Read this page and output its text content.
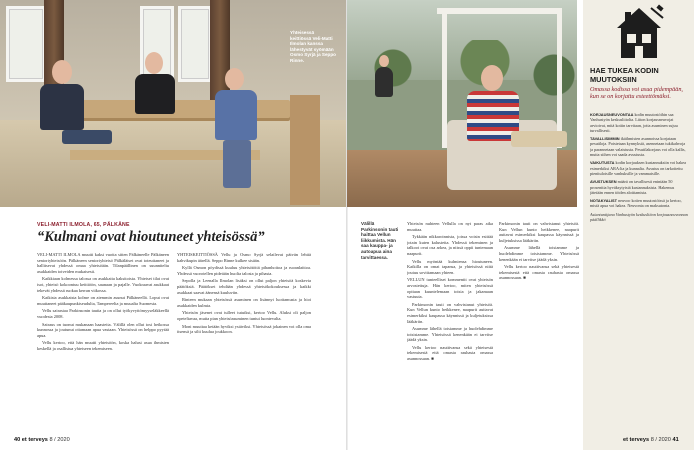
Yhteisessä keittiössä Veli-Matti Ilmolan kanssa lähestyvät syömään Osmo Syrjä ja Seppo Rinne.
VELI-MATTI ILMOLA, 65, PÄLKÄNE
“Kulmani ovat hioutuneet yhteisössä”

VELI-MATTI ILMOLA muutti kaksi vuotta sitten Pälkäneelle Pälkäneen senioriyhteisöön. Pälkäneen senioriyhteisö Pälkäläiset ovat toteuttaneet ja hallitsevat yhdessä omaa yhteisöään. Tilanpäällinen on suunniteltu asukkaiden toiveiden mukaisesti.

Kaikkiaan kolmessa talossa on asukkaita kaksitoista. Yhteiset tilat ovat isot, yhteisö kokoontuu keittiöön, saunaan ja pajalle. Vuokraavat asukkaat tekevät yhdessä ruokaa kerran viikossa.

Kaikista asukkaista kolme on aiemmin asunut Pälkäneellä. Loput ovat muuttaneet pääkaupunkiseudulta, Tampereelta ja muualta Suomesta.

Vellu sairastaa Parkinsonin tautia ja on ollut työkyvyttömyyseläkkeellä vuodesta 2008.

Sairaus on tuonut mukanaan haasteita. Välillä olen ollut tosi heikossa kunnossa ja joutunut ottamaan apua vastaan. Yhteisössä on helppo pyytää apua.

Vellu kertoo, että hän muutti yhteisöön, koska halusi asua ihmisten keskellä ja osallistua yhteiseen tekemiseen.

YHTEISKEITTIÖSSÄ Vellu ja Osmo Syrjä selailevat päivän lehtiä kahvikupin äärellä. Seppo Rinne kulkee sisään.

Kyllä Osmon pöydissä kuuluu yhteisötöitä pihanhoitoa ja ruoanlaittoa. Yhdessä vuorotellen pidetään huolta talosta ja pihasta.

Sepolla ja Leenalla Ilmolan lisäksi on ollut paljon yhteisöä koskevia päätöksiä. Päätökset tehdään yhdessä yhteisökokouksessa ja kaikki asukkaat saavat äänensä kuuluviin.

Rinteen mukaan yhteisössä asuminen on lisännyt luottamusta ja hioi asukkaiden kulmia.

Yhteisön jäsenet ovat tulleet tutuiksi, kertoo Vellu. Aluksi oli paljon opeteltavaa, mutta pian yhteisöasuminen tuntui luontevalta.

Moni muuttaa ketään hyviksi ystäviksi. Yhteisössä jokainen voi olla oma itsensä ja silti kuulua joukkoon.

40 et terveys 8 / 2020
Välillä Parkinsonin tauti haittaa Vellun liikkumista. Hän saa kauppa- ja autoapua aina tarvittaessa.

Yhteisön nuhteen Vellulla on nyt paras aika muuttaa.

Tykkään nikkaroinnista, joissa voisin esittää jotain kuten kalusteita. Yhdessä tekeminen ja talkoot ovat osa arkea, ja niissä oppii tuntemaan naapurit.

Vellu myöntää kulmiensa hioutuneen. Kaikilla on omat tapansa, ja yhteisössä niitä joutuu sovittamaan yhteen.

VELLUN tunteelliset kommentit ovat yhteisön arvostettuja. Hän kertoo, miten yhteisössä opitaan kuuntelemaan toisia ja jakamaan vastuuta.

Parkinsonin tauti on vahvistanut yhteisöä. Kun Vellun kunto heikkenee, naapurit auttavat esimerkiksi kaupassa käynnissä ja kuljetuksissa lääkäriin.

Asumme lähellä toisiamme ja huolehdimme toisistamme. Yhteisössä kenenkään ei tarvitse jäädä yksin.

Vellu kertoo nauttivansa sekä yhteisestä tekemisestä että omasta rauhasta omassa asunnossaan. ■

Parkinsonin tauti on vahvistanut yhteisöä. Kun Vellun kunto heikkenee, naapurit auttavat esimerkiksi kaupassa käynnissä ja kuljetuksissa lääkäriin.

Asumme lähellä toisiamme ja huolehdimme toisistamme. Yhteisössä kenenkään ei tarvitse jäädä yksin.

Vellu kertoo nauttivansa sekä yhteisestä tekemisestä että omasta rauhasta omassa asunnossaan. ■

HAE TUKEA KODIN MUUTOKSIIN
Omassa kodissa voi asua pidempään, kun se on korjattu esteettömäksi.

KORJAUSNEUVONTAA kodin muutostöihin saa Vanhustyön keskusliitolta. Liiton korjausneuvojat arvioivat, mitä kotiin tarvitaan, jotta asuminen sujuu turvallisesti.

TAVALLISIMMIN ikäihmisten asunnoissa korjataan pesutiloja. Poistetaan kynnyksiä, asennetaan tukikahvoja ja parannetaan valaistusta. Pesutilakorjaus voi olla kallis, mutta siihen voi saada avustusta.

VAIKUTUSTA kodin korjauksen kustannuksiin voi hakea esimerkiksi ARA:lta ja kunnalta. Avustus on tarkoitettu pienituloisille vanhuksille ja vammaisille.

AVUSTUKSEN määrä on tavallisesti enintään 50 prosenttia hyväksytyistä kustannuksista. Hakemus jätetään ennen töiden aloittamista.

NOTAKYALIST neuvoo kotien muutostöissä ja kertoo, mistä apua voi hakea. Neuvonta on maksutonta.

Asiantuntijana Vanhustyön keskusliiton korjausneuvonnan päällikkö

et terveys 8 / 2020 41
